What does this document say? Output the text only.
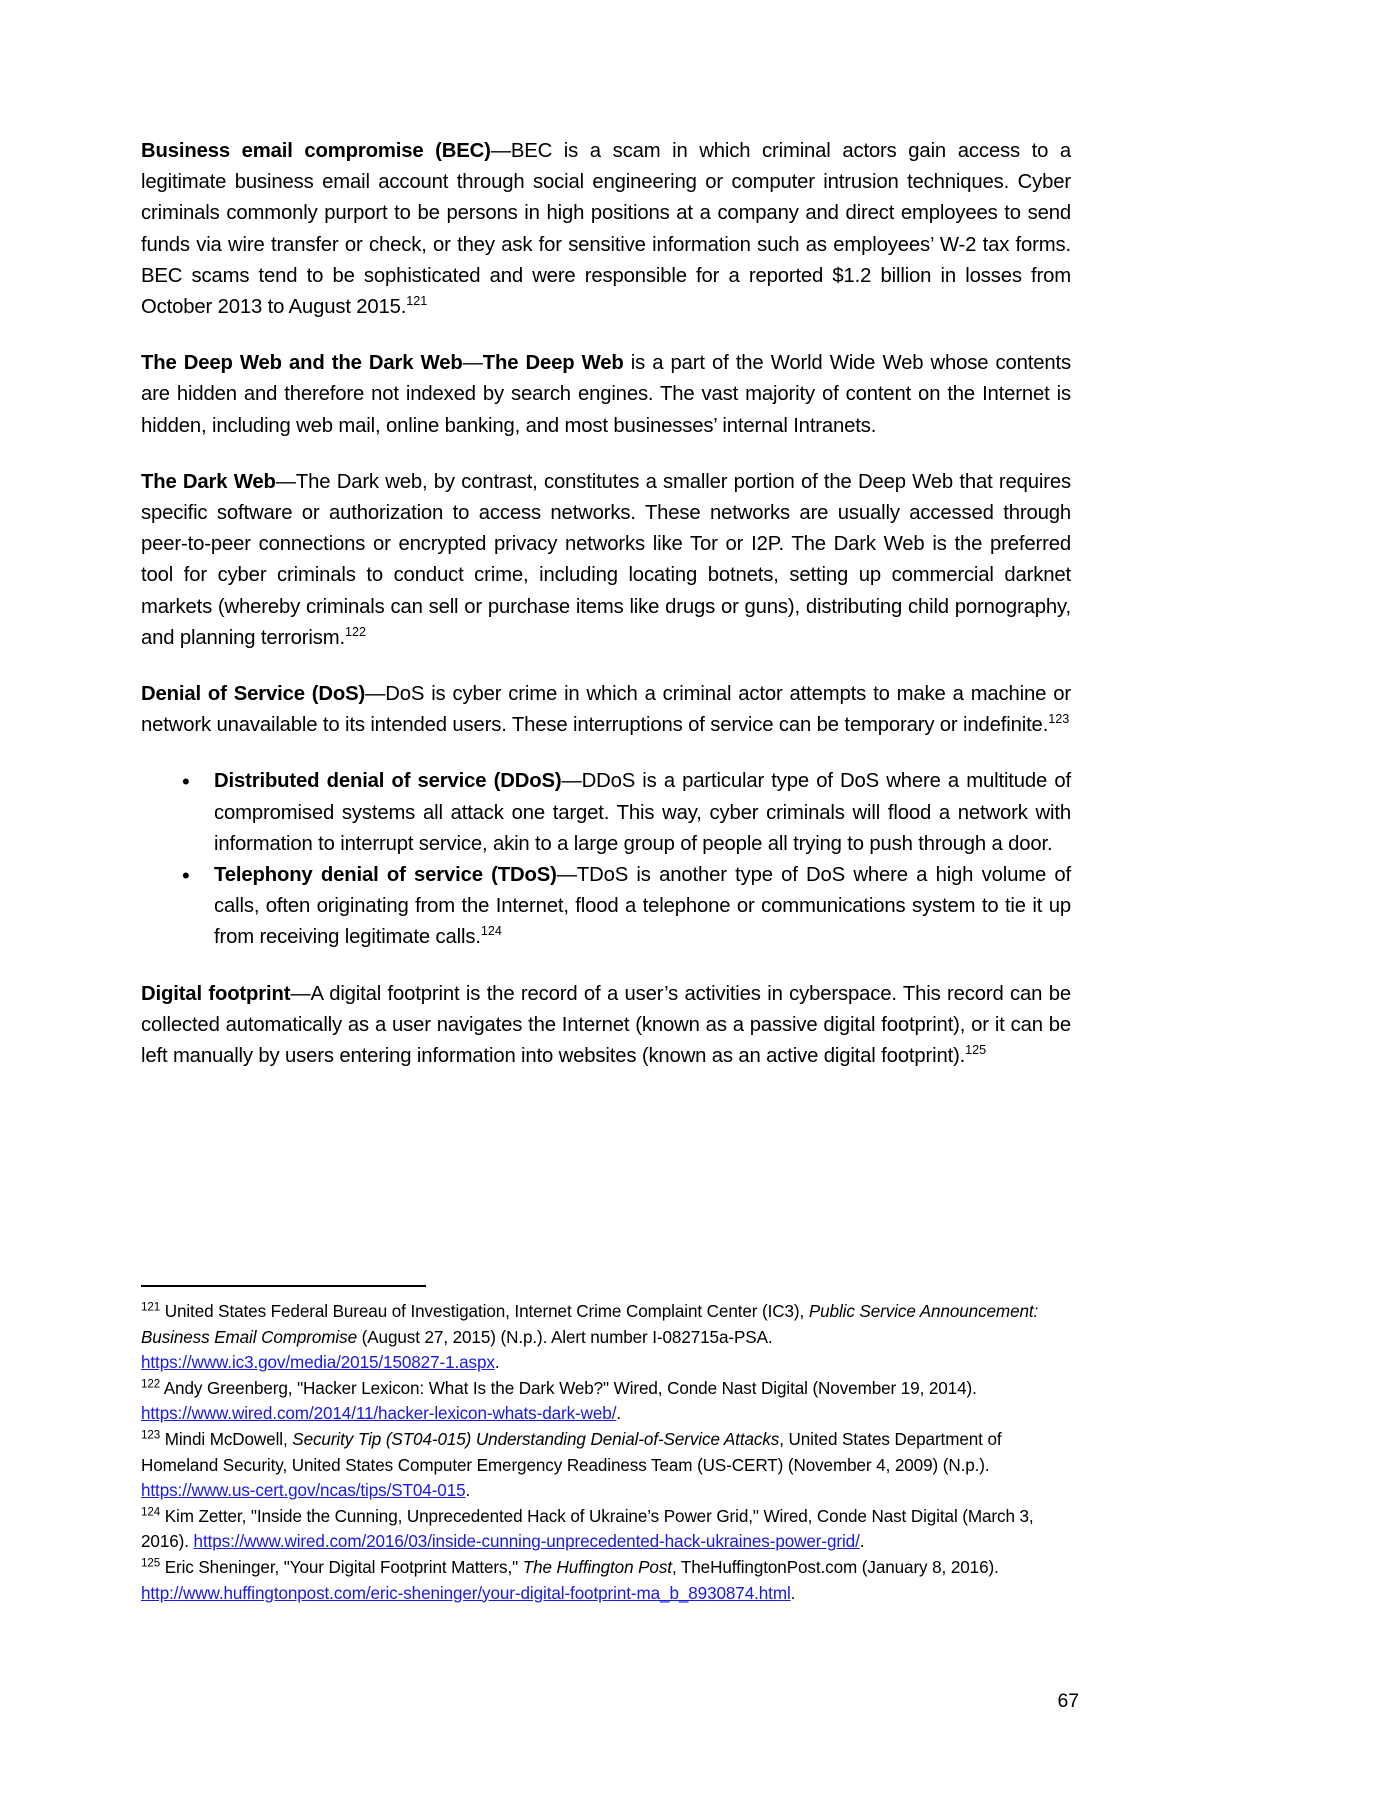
Business email compromise (BEC)—BEC is a scam in which criminal actors gain access to a legitimate business email account through social engineering or computer intrusion techniques. Cyber criminals commonly purport to be persons in high positions at a company and direct employees to send funds via wire transfer or check, or they ask for sensitive information such as employees’ W-2 tax forms. BEC scams tend to be sophisticated and were responsible for a reported $1.2 billion in losses from October 2013 to August 2015.$^{121}$

The Deep Web and the Dark Web—The Deep Web is a part of the World Wide Web whose contents are hidden and therefore not indexed by search engines. The vast majority of content on the Internet is hidden, including web mail, online banking, and most businesses’ internal Intranets.

The Dark Web—The Dark web, by contrast, constitutes a smaller portion of the Deep Web that requires specific software or authorization to access networks. These networks are usually accessed through peer-to-peer connections or encrypted privacy networks like Tor or I2P. The Dark Web is the preferred tool for cyber criminals to conduct crime, including locating botnets, setting up commercial darknet markets (whereby criminals can sell or purchase items like drugs or guns), distributing child pornography, and planning terrorism.$^{122}$

Denial of Service (DoS)—DoS is cyber crime in which a criminal actor attempts to make a machine or network unavailable to its intended users. These interruptions of service can be temporary or indefinite.$^{123}$

• Distributed denial of service (DDoS)—DDoS is a particular type of DoS where a multitude of compromised systems all attack one target. This way, cyber criminals will flood a network with information to interrupt service, akin to a large group of people all trying to push through a door.
• Telephony denial of service (TDoS)—TDoS is another type of DoS where a high volume of calls, often originating from the Internet, flood a telephone or communications system to tie it up from receiving legitimate calls.$^{124}$

Digital footprint—A digital footprint is the record of a user’s activities in cyberspace. This record can be collected automatically as a user navigates the Internet (known as a passive digital footprint), or it can be left manually by users entering information into websites (known as an active digital footprint).$^{125}$

$^{121}$ United States Federal Bureau of Investigation, Internet Crime Complaint Center (IC3), Public Service Announcement: Business Email Compromise (August 27, 2015) (N.p.). Alert number I-082715a-PSA. https://www.ic3.gov/media/2015/150827-1.aspx.

$^{122}$ Andy Greenberg, "Hacker Lexicon: What Is the Dark Web?" Wired, Conde Nast Digital (November 19, 2014). https://www.wired.com/2014/11/hacker-lexicon-whats-dark-web/.

$^{123}$ Mindi McDowell, Security Tip (ST04-015) Understanding Denial-of-Service Attacks, United States Department of Homeland Security, United States Computer Emergency Readiness Team (US-CERT) (November 4, 2009) (N.p.). https://www.us-cert.gov/ncas/tips/ST04-015.

$^{124}$ Kim Zetter, "Inside the Cunning, Unprecedented Hack of Ukraine’s Power Grid," Wired, Conde Nast Digital (March 3, 2016). https://www.wired.com/2016/03/inside-cunning-unprecedented-hack-ukraines-power-grid/.

$^{125}$ Eric Sheninger, "Your Digital Footprint Matters," The Huffington Post, TheHuffingtonPost.com (January 8, 2016). http://www.huffingtonpost.com/eric-sheninger/your-digital-footprint-ma_b_8930874.html.

67
